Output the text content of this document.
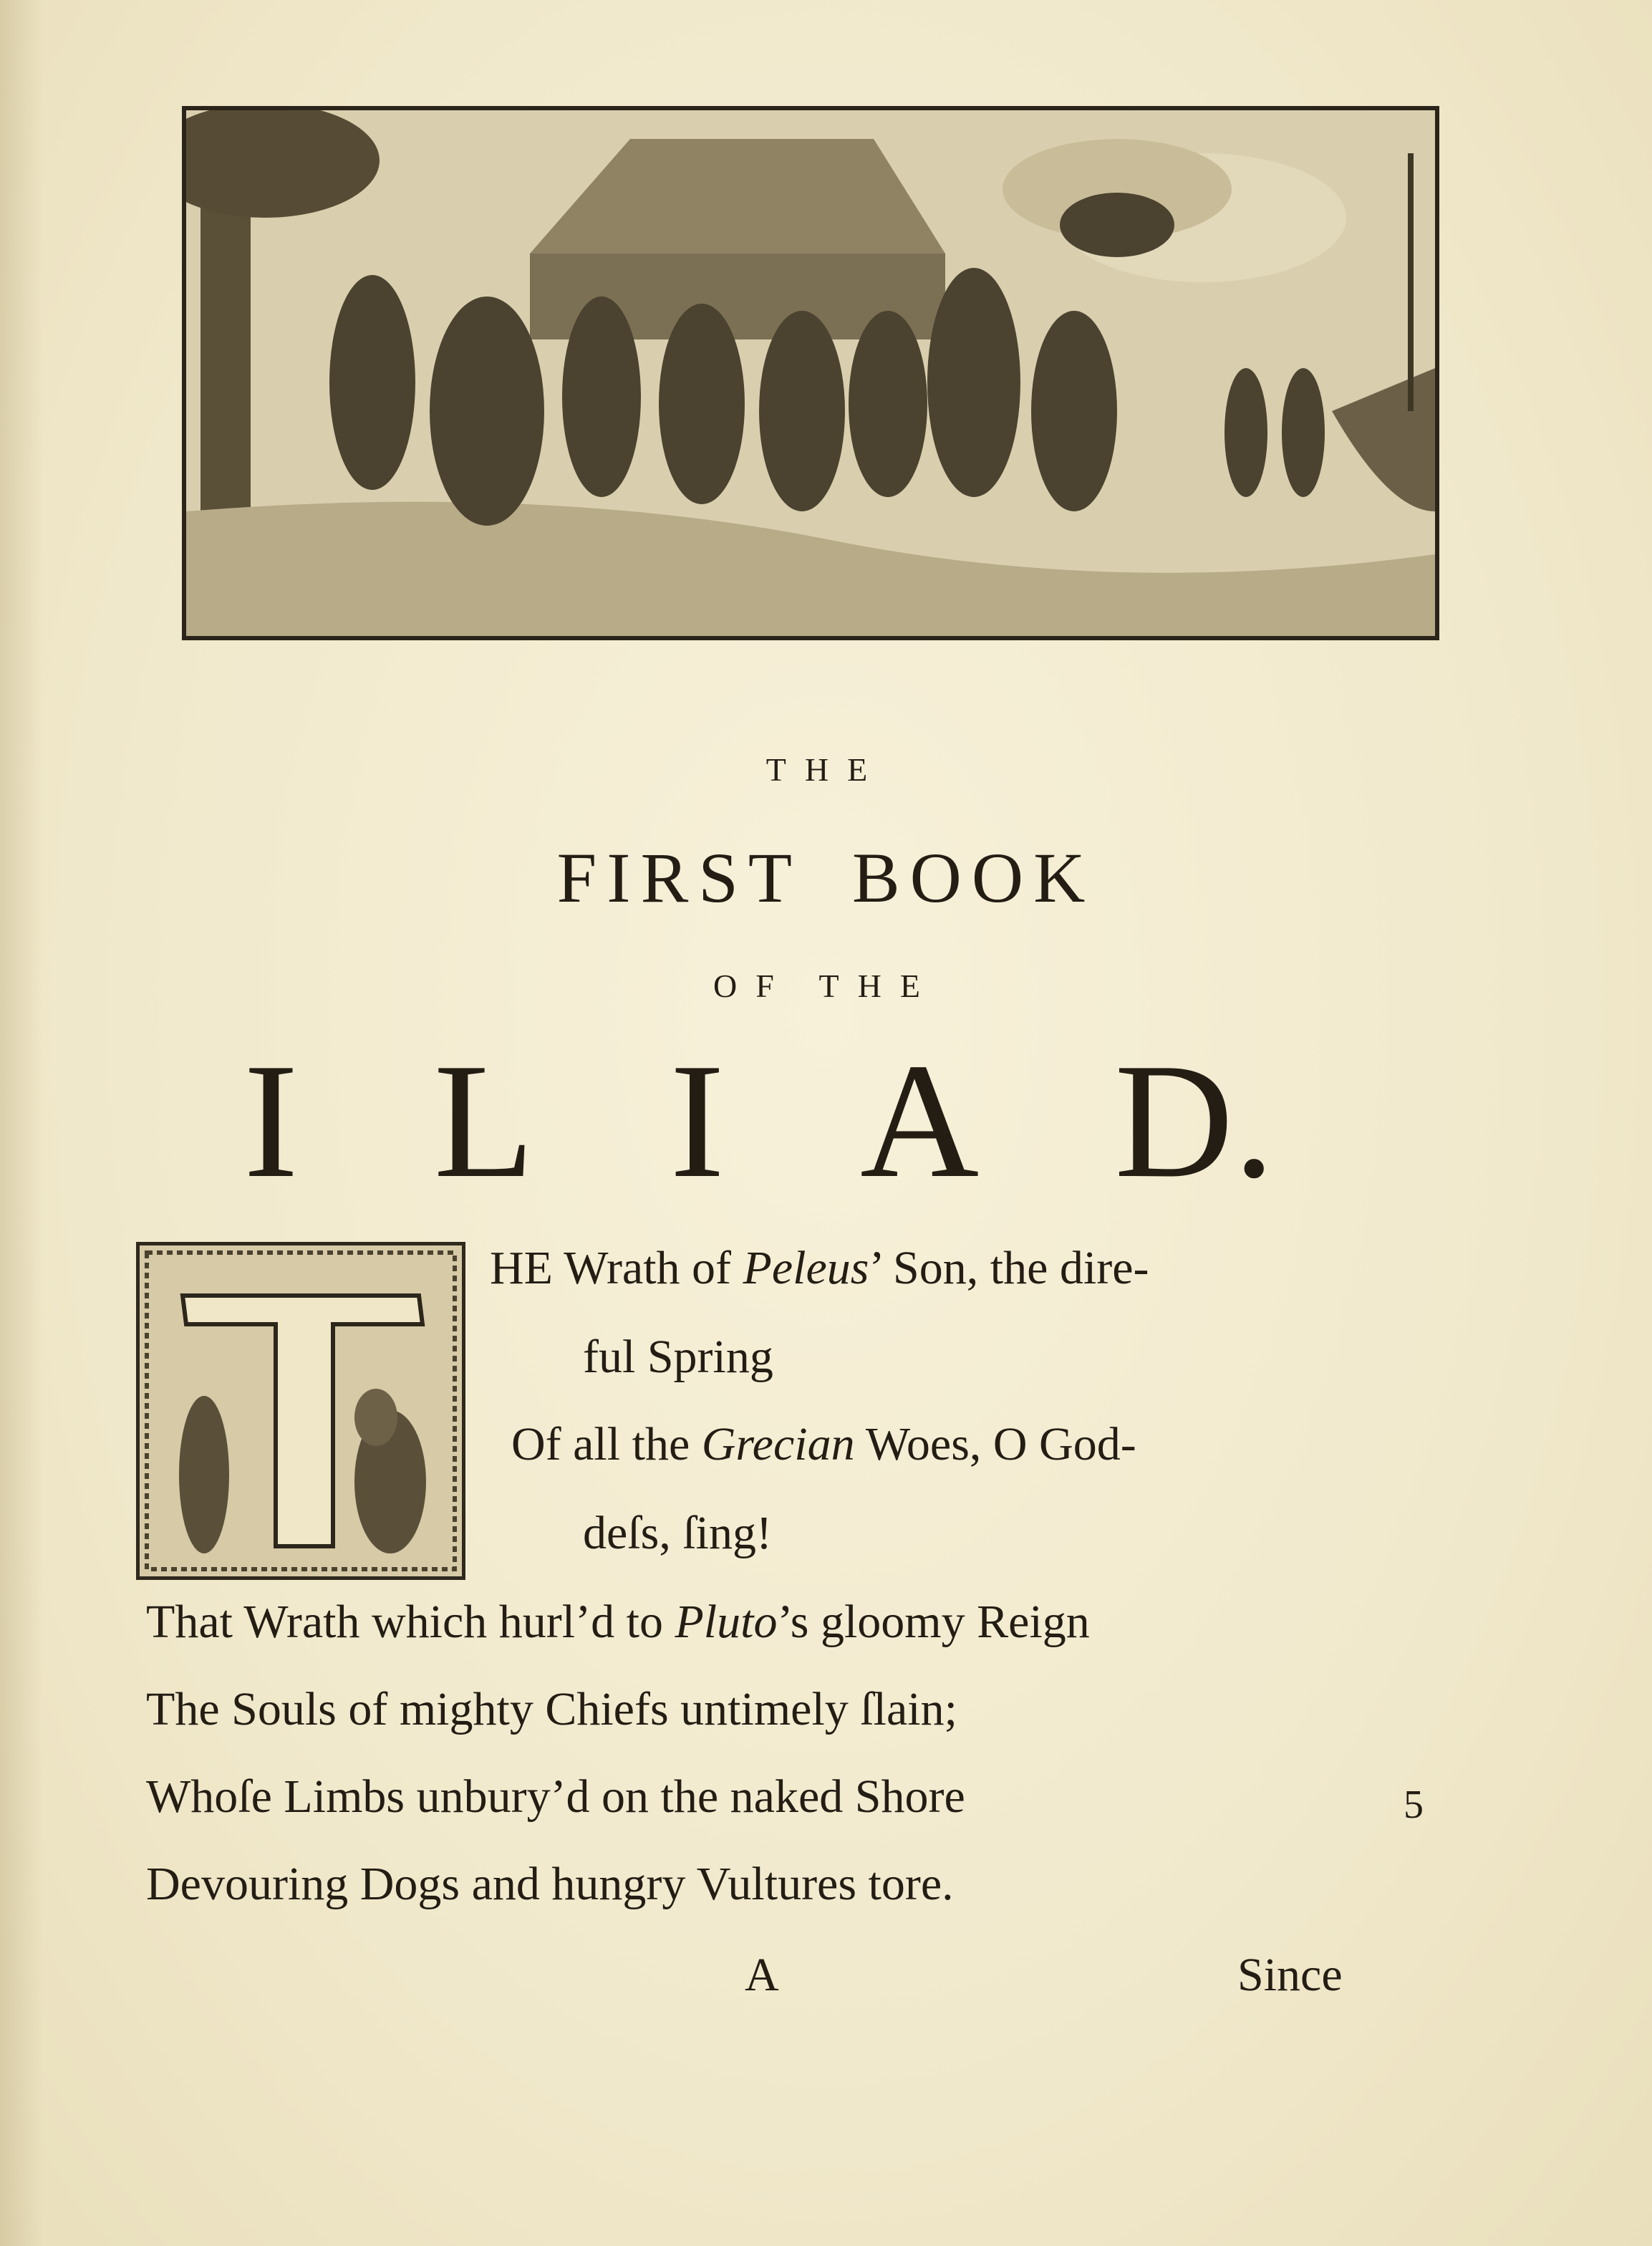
THE
FIRST BOOK
OF THE
I L I A D.
HE Wrath of Peleus’ Son, the dire-
ful Spring
Of all the Grecian Woes, O God-
deſs, ſing!
That Wrath which hurl’d to Pluto’s gloomy Reign
The Souls of mighty Chiefs untimely ſlain;
Whoſe Limbs unbury’d on the naked Shore
Devouring Dogs and hungry Vultures tore.
5
A	Since
